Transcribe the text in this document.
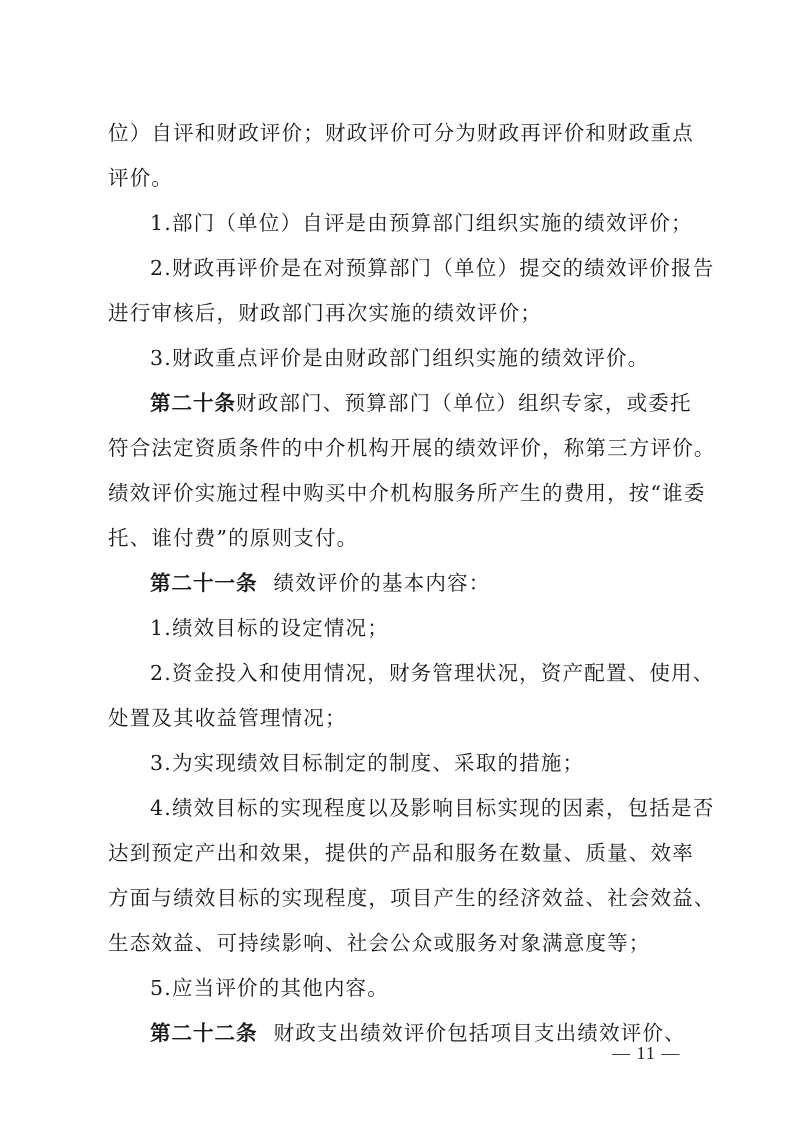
位）自评和财政评价；财政评价可分为财政再评价和财政重点
评价。
1.部门（单位）自评是由预算部门组织实施的绩效评价；
2.财政再评价是在对预算部门（单位）提交的绩效评价报告
进行审核后，财政部门再次实施的绩效评价；
3.财政重点评价是由财政部门组织实施的绩效评价。
第二十条财政部门、预算部门（单位）组织专家，或委托
符合法定资质条件的中介机构开展的绩效评价，称第三方评价。
绩效评价实施过程中购买中介机构服务所产生的费用，按“谁委
托、谁付费”的原则支付。
第二十一条 绩效评价的基本内容：
1.绩效目标的设定情况；
2.资金投入和使用情况，财务管理状况，资产配置、使用、
处置及其收益管理情况；
3.为实现绩效目标制定的制度、采取的措施；
4.绩效目标的实现程度以及影响目标实现的因素，包括是否
达到预定产出和效果，提供的产品和服务在数量、质量、效率
方面与绩效目标的实现程度，项目产生的经济效益、社会效益、
生态效益、可持续影响、社会公众或服务对象满意度等；
5.应当评价的其他内容。
第二十二条 财政支出绩效评价包括项目支出绩效评价、
— 11 —
